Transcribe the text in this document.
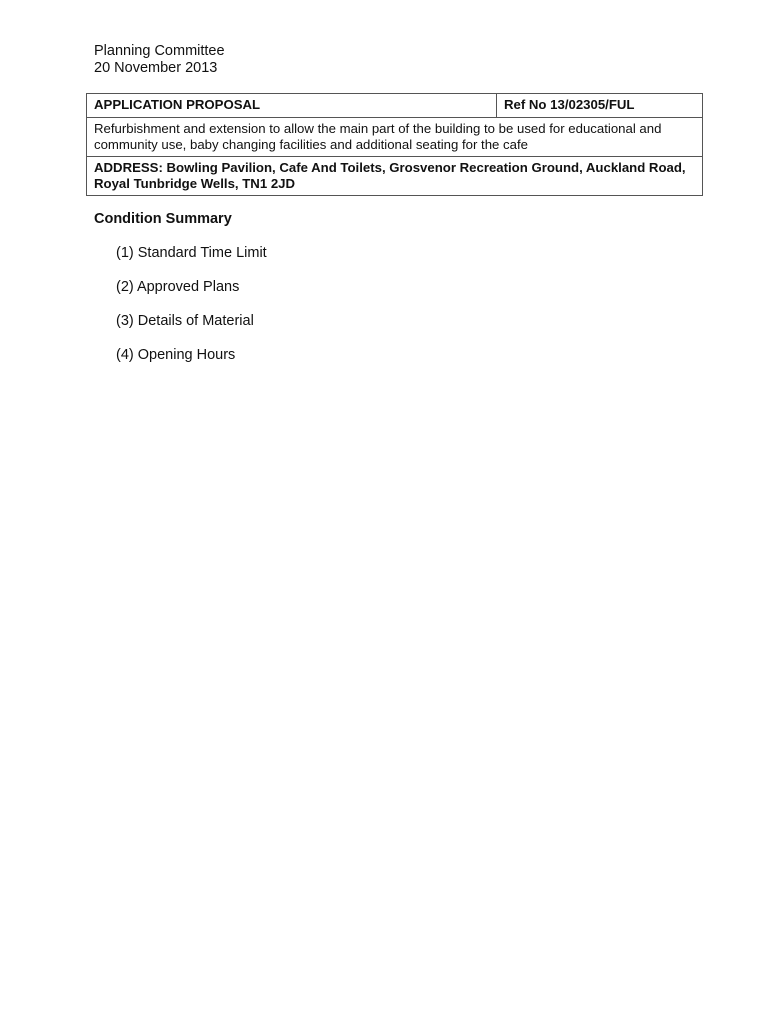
Planning Committee
20 November 2013
APPLICATION PROPOSAL	Ref No 13/02305/FUL
Refurbishment and extension to allow the main part of the building to be used for educational and community use, baby changing facilities and additional seating for the cafe
ADDRESS: Bowling Pavilion, Cafe And Toilets, Grosvenor Recreation Ground, Auckland Road, Royal Tunbridge Wells, TN1 2JD
Condition Summary
(1) Standard Time Limit
(2) Approved Plans
(3) Details of Material
(4) Opening Hours
